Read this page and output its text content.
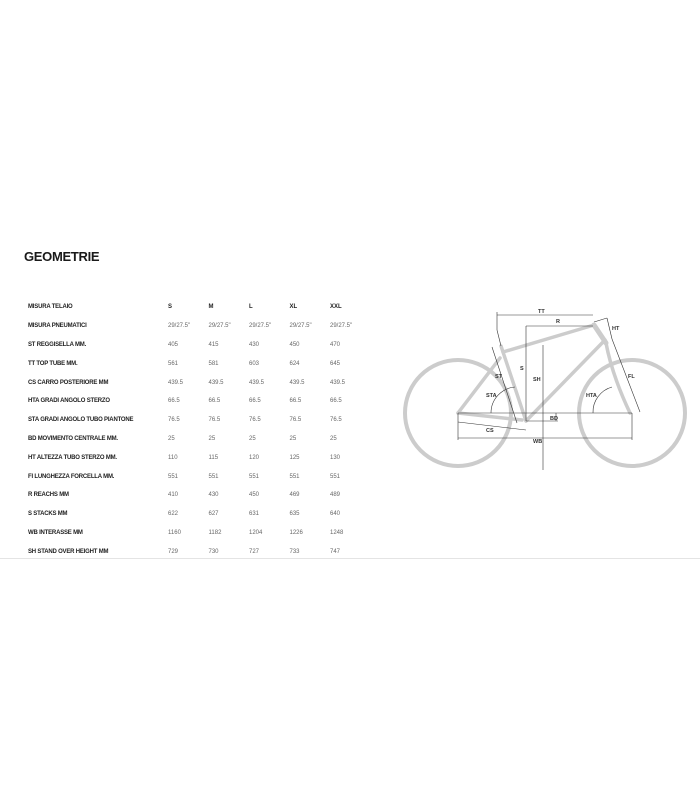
GEOMETRIE
MISURA TELAIO	S	M	L	XL	XXL
MISURA PNEUMATICI	29/27.5"	29/27.5"	29/27.5"	29/27.5"	29/27.5"
ST REGGISELLA MM.	405	415	430	450	470
TT TOP TUBE MM.	561	581	603	624	645
CS CARRO POSTERIORE MM	439.5	439.5	439.5	439.5	439.5
HTA GRADI ANGOLO STERZO	66.5	66.5	66.5	66.5	66.5
STA GRADI ANGOLO TUBO PIANTONE	76.5	76.5	76.5	76.5	76.5
BD MOVIMENTO CENTRALE MM.	25	25	25	25	25
HT ALTEZZA TUBO STERZO MM.	110	115	120	125	130
FI LUNGHEZZA FORCELLA MM.	551	551	551	551	551
R REACHS MM	410	430	450	469	489
S STACKS MM	622	627	631	635	640
WB INTERASSE MM	1160	1182	1204	1226	1248
SH STAND OVER HEIGHT MM	729	730	727	733	747
TT
R
HT
ST
S
SH	FL
STA	HTA
BD
CS
WB
